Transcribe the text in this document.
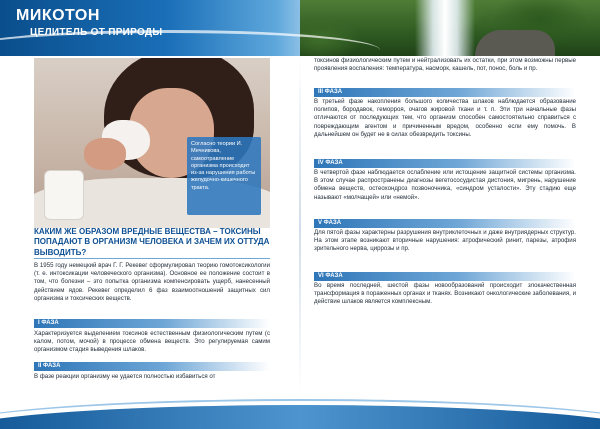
МИКОТОН
ЦЕЛИТЕЛЬ ОТ ПРИРОДЫ

Согласно теории И. Мечникова, самоотравление организма происходит из-за нарушения работы желудочно-кишечного тракта.

КАКИМ ЖЕ ОБРАЗОМ ВРЕДНЫЕ ВЕЩЕСТВА – ТОКСИНЫ ПОПАДАЮТ В ОРГАНИЗМ ЧЕЛОВЕКА И ЗАЧЕМ ИХ ОТТУДА ВЫВОДИТЬ?

В 1955 году немецкий врач Г. Г. Рекевег сформулировал теорию гомотоксикологии (т. е. интоксикации человеческого организма). Основное ее положение состоит в том, что болезни – это попытка организма компенсировать ущерб, нанесенный действием ядов. Рекевег определил 6 фаз взаимоотношений защитных сил организма и токсических веществ.

I ФАЗА

Характеризуется выделением токсинов естественным физиологическим путем (с калом, потом, мочой) в процессе обмена веществ. Это регулируемая самим организмом стадия выведения шлаков.

II ФАЗА

В фазе реакции организму не удается полностью избавиться от

токсинов физиологическим путем и нейтрализовать их остатки, при этом возможны первые проявления воспаления: температура, насморк, кашель, пот, понос, боль и пр.

III ФАЗА

В третьей фазе накопления большого количества шлаков наблюдается образование полипов, бородавок, геморроя, очагов жировой ткани и т. п. Эти три начальные фазы отличаются от последующих тем, что организм способен самостоятельно справиться с повреждающим агентом и причиненным вредом, особенно если ему помочь. В дальнейшем он будет не в силах обезвредить токсины.

IV ФАЗА

В четвертой фазе наблюдается ослабление или истощение защитной системы организма. В этом случае распространены диагнозы вегетососудистая дистония, мигрень, нарушение обмена веществ, остеохондроз позвоночника, «синдром усталости». Эту стадию еще называют «молчащей» или «немой».

V ФАЗА

Для пятой фазы характерны разрушения внутриклеточных и даже внутриядерных структур. На этом этапе возникают вторичные нарушения: атрофический ринит, парезы, атрофия зрительного нерва, циррозы и пр.

VI ФАЗА

Во время последней, шестой фазы новообразований происходит злокачественная трансформация в пораженных органах и тканях. Возникают онкологические заболевания, и действие шлаков является комплексным.
